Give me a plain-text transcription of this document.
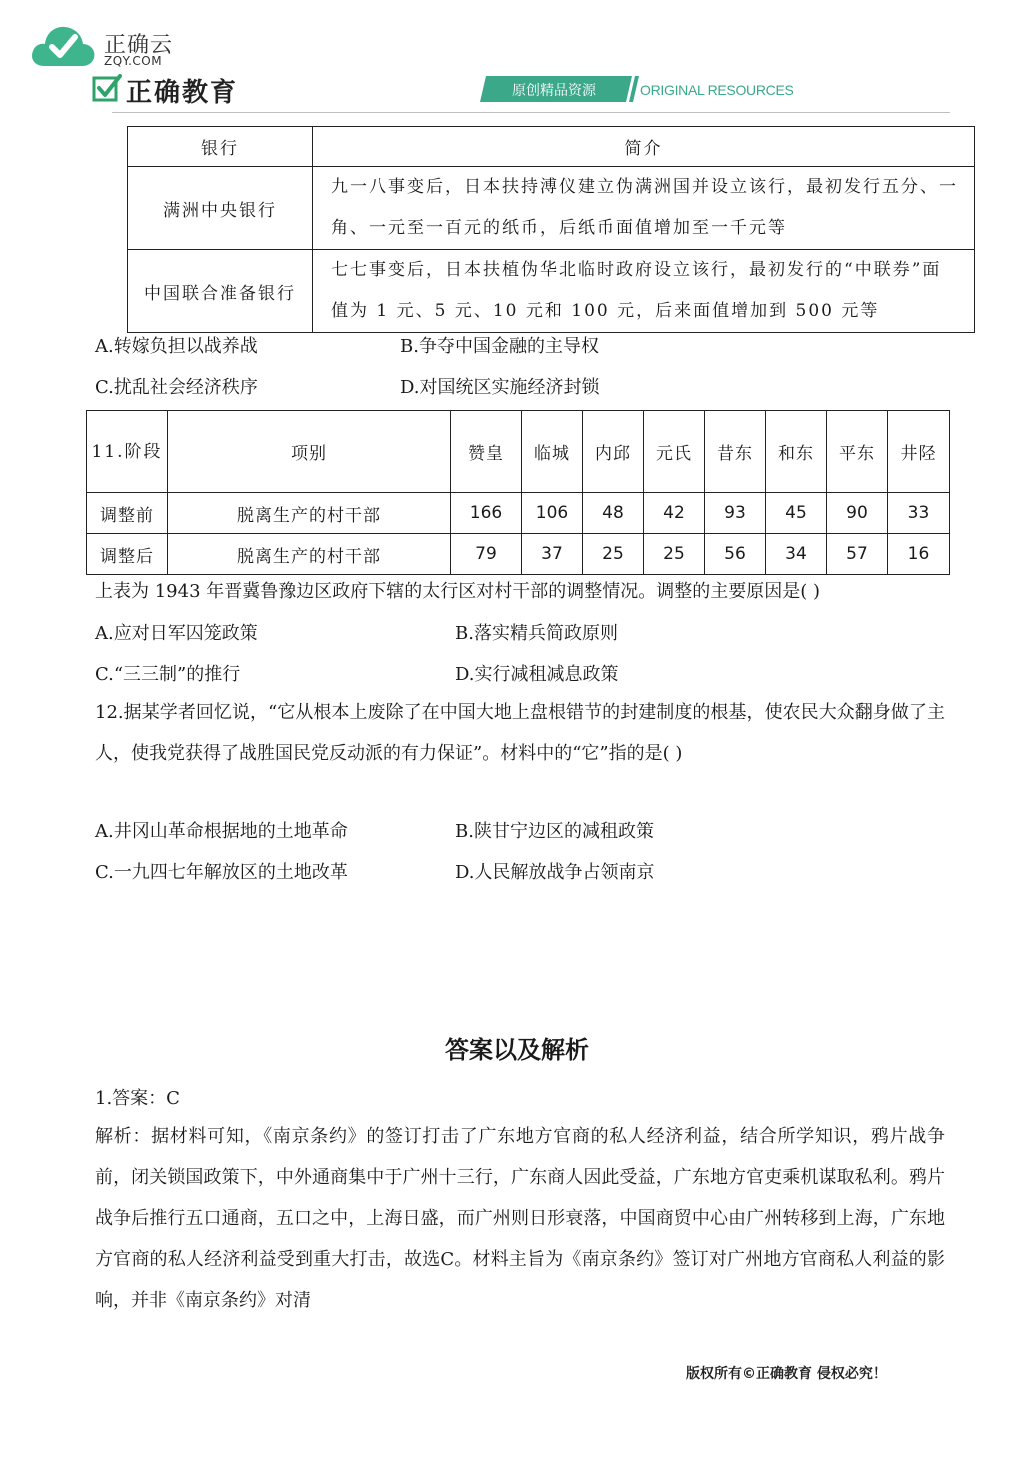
正确云
ZQY.COM
正确教育	原创精品资源	ORIGINAL RESOURCES
银行	简介
满洲中央银行	九一八事变后，日本扶持溥仪建立伪满洲国并设立该行，最初发行五分、一角、一元至一百元的纸币，后纸币面值增加至一千元等
中国联合准备银行	七七事变后，日本扶植伪华北临时政府设立该行，最初发行的“中联券”面值为 1 元、5 元、10 元和 100 元，后来面值增加到 500 元等
A.转嫁负担以战养战	B.争夺中国金融的主导权
C.扰乱社会经济秩序	D.对国统区实施经济封锁
11.阶段	项别	赞皇	临城	内邱	元氏	昔东	和东	平东	井陉
调整前	脱离生产的村干部	166	106	48	42	93	45	90	33
调整后	脱离生产的村干部	79	37	25	25	56	34	57	16
上表为 1943 年晋冀鲁豫边区政府下辖的太行区对村干部的调整情况。调整的主要原因是( )
A.应对日军囚笼政策	B.落实精兵简政原则
C.“三三制”的推行	D.实行减租减息政策
12.据某学者回忆说，“它从根本上废除了在中国大地上盘根错节的封建制度的根基，使农民大众翻身做了主人，使我党获得了战胜国民党反动派的有力保证”。材料中的“它”指的是( )
A.井冈山革命根据地的土地革命	B.陕甘宁边区的减租政策
C.一九四七年解放区的土地改革	D.人民解放战争占领南京
答案以及解析
1.答案：C
解析：据材料可知，《南京条约》的签订打击了广东地方官商的私人经济利益，结合所学知识，鸦片战争前，闭关锁国政策下，中外通商集中于广州十三行，广东商人因此受益，广东地方官吏乘机谋取私利。鸦片战争后推行五口通商，五口之中，上海日盛，而广州则日形衰落，中国商贸中心由广州转移到上海，广东地方官商的私人经济利益受到重大打击，故选C。材料主旨为《南京条约》签订对广州地方官商私人利益的影响，并非《南京条约》对清
版权所有©正确教育 侵权必究！
